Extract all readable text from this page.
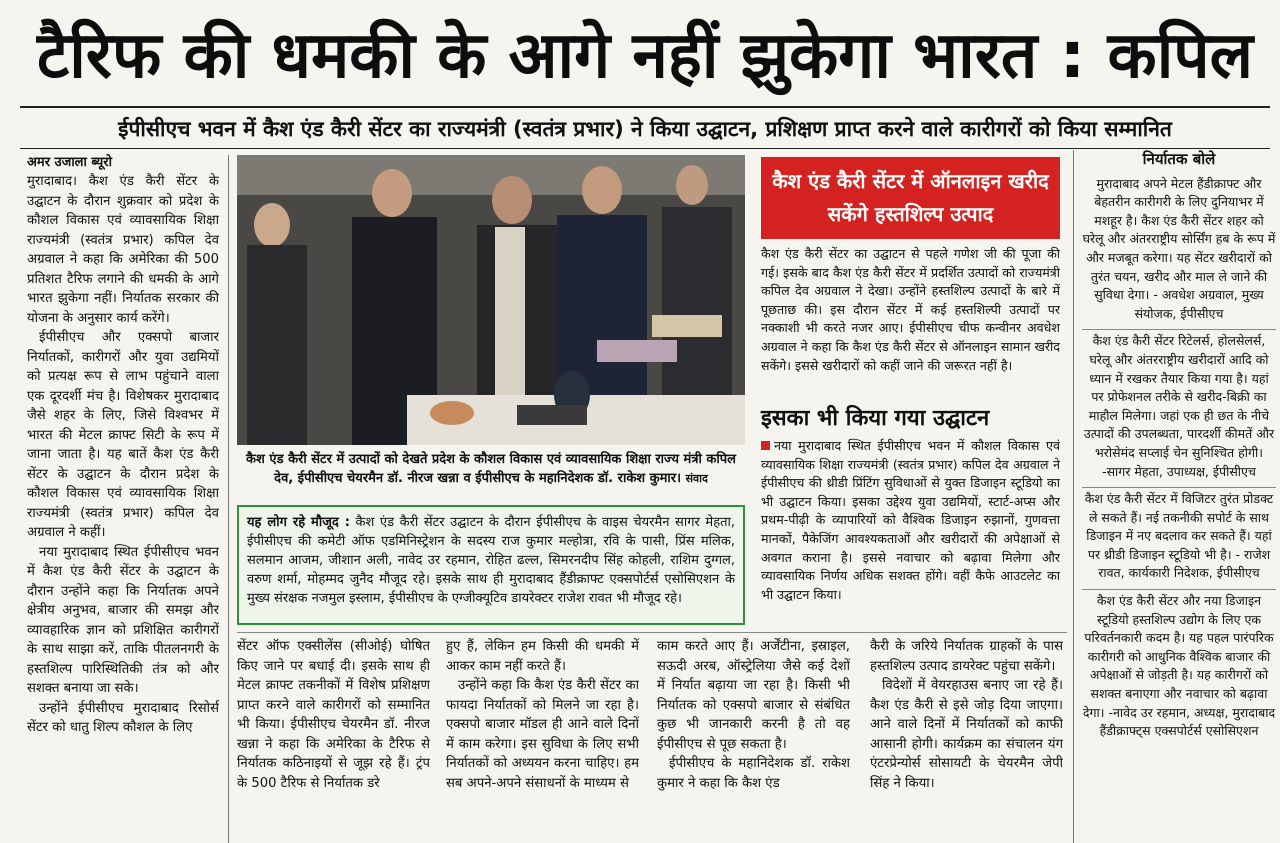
टैरिफ की धमकी के आगे नहीं झुकेगा भारत : कपिल
ईपीसीएच भवन में कैश एंड कैरी सेंटर का राज्यमंत्री (स्वतंत्र प्रभार) ने किया उद्घाटन, प्रशिक्षण प्राप्त करने वाले कारीगरों को किया सम्मानित
अमर उजाला ब्यूरो

मुरादाबाद। कैश एंड कैरी सेंटर के उद्घाटन के दौरान शुक्रवार को प्रदेश के कौशल विकास एवं व्यावसायिक शिक्षा राज्यमंत्री (स्वतंत्र प्रभार) कपिल देव अग्रवाल ने कहा कि अमेरिका की 500 प्रतिशत टैरिफ लगाने की धमकी के आगे भारत झुकेगा नहीं। निर्यातक सरकार की योजना के अनुसार कार्य करेंगे।

ईपीसीएच और एक्सपो बाजार निर्यातकों, कारीगरों और युवा उद्यमियों को प्रत्यक्ष रूप से लाभ पहुंचाने वाला एक दूरदर्शी मंच है। विशेषकर मुरादाबाद जैसे शहर के लिए, जिसे विश्वभर में भारत की मेटल क्राफ्ट सिटी के रूप में जाना जाता है। यह बातें कैश एंड कैरी सेंटर के उद्घाटन के दौरान प्रदेश के कौशल विकास एवं व्यावसायिक शिक्षा राज्यमंत्री (स्वतंत्र प्रभार) कपिल देव अग्रवाल ने कहीं।

नया मुरादाबाद स्थित ईपीसीएच भवन में कैश एंड कैरी सेंटर के उद्घाटन के दौरान उन्होंने कहा कि निर्यातक अपने क्षेत्रीय अनुभव, बाजार की समझ और व्यावहारिक ज्ञान को प्रशिक्षित कारीगरों के साथ साझा करें, ताकि पीतलनगरी के हस्तशिल्प पारिस्थितिकी तंत्र को और सशक्त बनाया जा सके।

उन्होंने ईपीसीएच मुरादाबाद रिसोर्स सेंटर को धातु शिल्प कौशल के लिए

कैश एंड कैरी सेंटर में उत्पादों को देखते प्रदेश के कौशल विकास एवं व्यावसायिक शिक्षा राज्य मंत्री कपिल देव, ईपीसीएच चेयरमैन डॉ. नीरज खन्ना व ईपीसीएच के महानिदेशक डॉ. राकेश कुमार। संवाद
यह लोग रहे मौजूद : कैश एंड कैरी सेंटर उद्घाटन के दौरान ईपीसीएच के वाइस चेयरमैन सागर मेहता, ईपीसीएच की कमेटी ऑफ एडमिनिस्ट्रेशन के सदस्य राज कुमार मल्होत्रा, रवि के पासी, प्रिंस मलिक, सलमान आजम, जीशान अली, नावेद उर रहमान, रोहित ढल्ल, सिमरनदीप सिंह कोहली, राशिम दुग्गल, वरुण शर्मा, मोहम्मद जुनैद मौजूद रहे। इसके साथ ही मुरादाबाद हैंडीक्राफ्ट एक्सपोर्टर्स एसोसिएशन के मुख्य संरक्षक नजमुल इस्लाम, ईपीसीएच के एग्जीक्यूटिव डायरेक्टर राजेश रावत भी मौजूद रहे।

सेंटर ऑफ एक्सीलेंस (सीओई) घोषित किए जाने पर बधाई दी। इसके साथ ही मेटल क्राफ्ट तकनीकों में विशेष प्रशिक्षण प्राप्त करने वाले कारीगरों को सम्मानित भी किया। ईपीसीएच चेयरमैन डॉ. नीरज खन्ना ने कहा कि अमेरिका के टैरिफ से निर्यातक कठिनाइयों से जूझ रहे हैं। ट्रंप के 500 टैरिफ से निर्यातक डरे

हुए हैं, लेकिन हम किसी की धमकी में आकर काम नहीं करते हैं।

उन्होंने कहा कि कैश एंड कैरी सेंटर का फायदा निर्यातकों को मिलने जा रहा है। एक्सपो बाजार मॉडल ही आने वाले दिनों में काम करेगा। इस सुविधा के लिए सभी निर्यातकों को अध्ययन करना चाहिए। हम सब अपने-अपने संसाधनों के माध्यम से

काम करते आए हैं। अर्जेंटीना, इस्राइल, सऊदी अरब, ऑस्ट्रेलिया जैसे कई देशों में निर्यात बढ़ाया जा रहा है। किसी भी निर्यातक को एक्सपो बाजार से संबंधित कुछ भी जानकारी करनी है तो वह ईपीसीएच से पूछ सकता है।

ईपीसीएच के महानिदेशक डॉ. राकेश कुमार ने कहा कि कैश एंड

कैरी के जरिये निर्यातक ग्राहकों के पास हस्तशिल्प उत्पाद डायरेक्ट पहुंचा सकेंगे।

विदेशों में वेयरहाउस बनाए जा रहे हैं। कैश एंड कैरी से इसे जोड़ दिया जाएगा। आने वाले दिनों में निर्यातकों को काफी आसानी होगी। कार्यक्रम का संचालन यंग एंटरप्रेन्योर्स सोसायटी के चेयरमैन जेपी सिंह ने किया।

कैश एंड कैरी सेंटर में ऑनलाइन खरीद सकेंगे हस्तशिल्प उत्पाद

कैश एंड कैरी सेंटर का उद्घाटन से पहले गणेश जी की पूजा की गई। इसके बाद कैश एंड कैरी सेंटर में प्रदर्शित उत्पादों को राज्यमंत्री कपिल देव अग्रवाल ने देखा। उन्होंने हस्तशिल्प उत्पादों के बारे में पूछताछ की। इस दौरान सेंटर में कई हस्तशिल्पी उत्पादों पर नक्काशी भी करते नजर आए। ईपीसीएच चीफ कन्वीनर अवधेश अग्रवाल ने कहा कि कैश एंड कैरी सेंटर से ऑनलाइन सामान खरीद सकेंगे। इससे खरीदारों को कहीं जाने की जरूरत नहीं है।

इसका भी किया गया उद्घाटन

नया मुरादाबाद स्थित ईपीसीएच भवन में कौशल विकास एवं व्यावसायिक शिक्षा राज्यमंत्री (स्वतंत्र प्रभार) कपिल देव अग्रवाल ने ईपीसीएच की थ्रीडी प्रिंटिंग सुविधाओं से युक्त डिजाइन स्टूडियो का भी उद्घाटन किया। इसका उद्देश्य युवा उद्यमियों, स्टार्ट-अप्स और प्रथम-पीढ़ी के व्यापारियों को वैश्विक डिजाइन रुझानों, गुणवत्ता मानकों, पैकेजिंग आवश्यकताओं और खरीदारों की अपेक्षाओं से अवगत कराना है। इससे नवाचार को बढ़ावा मिलेगा और व्यावसायिक निर्णय अधिक सशक्त होंगे। वहीं कैफे आउटलेट का भी उद्घाटन किया।

निर्यातक बोले
मुरादाबाद अपने मेटल हैंडीक्राफ्ट और बेहतरीन कारीगरी के लिए दुनियाभर में मशहूर है। कैश एंड कैरी सेंटर शहर को घरेलू और अंतरराष्ट्रीय सोर्सिंग हब के रूप में और मजबूत करेगा। यह सेंटर खरीदारों को तुरंत चयन, खरीद और माल ले जाने की सुविधा देगा। - अवधेश अग्रवाल, मुख्य संयोजक, ईपीसीएच
कैश एंड कैरी सेंटर रिटेलर्स, होलसेलर्स, घरेलू और अंतरराष्ट्रीय खरीदारों आदि को ध्यान में रखकर तैयार किया गया है। यहां पर प्रोफेशनल तरीके से खरीद-बिक्री का माहौल मिलेगा। जहां एक ही छत के नीचे उत्पादों की उपलब्धता, पारदर्शी कीमतें और भरोसेमंद सप्लाई चेन सुनिश्चित होगी। -सागर मेहता, उपाध्यक्ष, ईपीसीएच
कैश एंड कैरी सेंटर में विजिटर तुरंत प्रोडक्ट ले सकते हैं। नई तकनीकी सपोर्ट के साथ डिजाइन में नए बदलाव कर सकते हैं। यहां पर थ्रीडी डिजाइन स्टूडियो भी है। - राजेश रावत, कार्यकारी निदेशक, ईपीसीएच
कैश एंड कैरी सेंटर और नया डिजाइन स्टूडियो हस्तशिल्प उद्योग के लिए एक परिवर्तनकारी कदम है। यह पहल पारंपरिक कारीगरी को आधुनिक वैश्विक बाजार की अपेक्षाओं से जोड़ती है। यह कारीगरों को सशक्त बनाएगा और नवाचार को बढ़ावा देगा। -नावेद उर रहमान, अध्यक्ष, मुरादाबाद हैंडीक्राफ्ट्स एक्सपोर्टर्स एसोसिएशन
